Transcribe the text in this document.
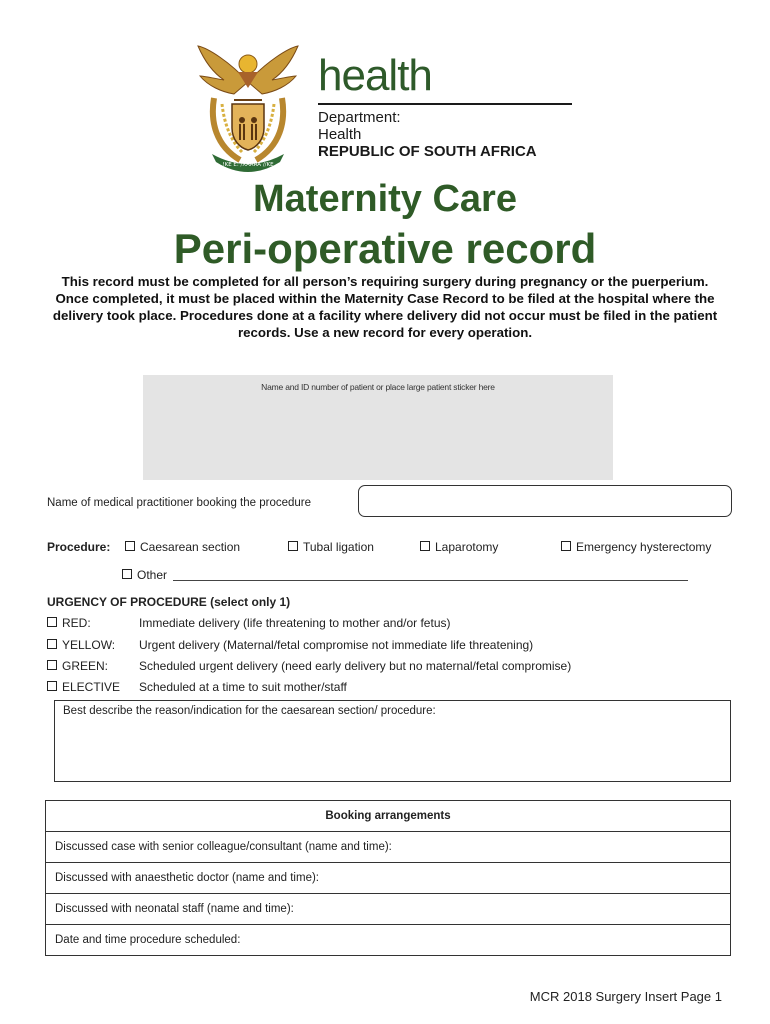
!KE E: /XARRA //KE

health

Department:

Health

REPUBLIC OF SOUTH AFRICA

Maternity Care
Peri-operative record

This record must be completed for all person’s requiring surgery during pregnancy or the puerperium. Once completed, it must be placed within the Maternity Case Record to be filed at the hospital where the delivery took place. Procedures done at a facility where delivery did not occur must be filed in the patient records. Use a new record for every operation.

Name and ID number of patient or place large patient sticker here
Name of medical practitioner booking the procedure
Procedure:	Caesarean section	Tubal ligation	Laparotomy	Emergency hysterectomy
Other
URGENCY OF PROCEDURE (select only 1)
RED:	Immediate delivery (life threatening to mother and/or fetus)
YELLOW: Urgent delivery (Maternal/fetal compromise not immediate life threatening)
GREEN:	Scheduled urgent delivery (need early delivery but no maternal/fetal compromise)
ELECTIVE Scheduled at a time to suit mother/staff
Best describe the reason/indication for the caesarean section/ procedure:
Booking arrangements
Discussed case with senior colleague/consultant (name and time):
Discussed with anaesthetic doctor (name and time):
Discussed with neonatal staff (name and time):
Date and time procedure scheduled:
MCR 2018 Surgery Insert Page 1
